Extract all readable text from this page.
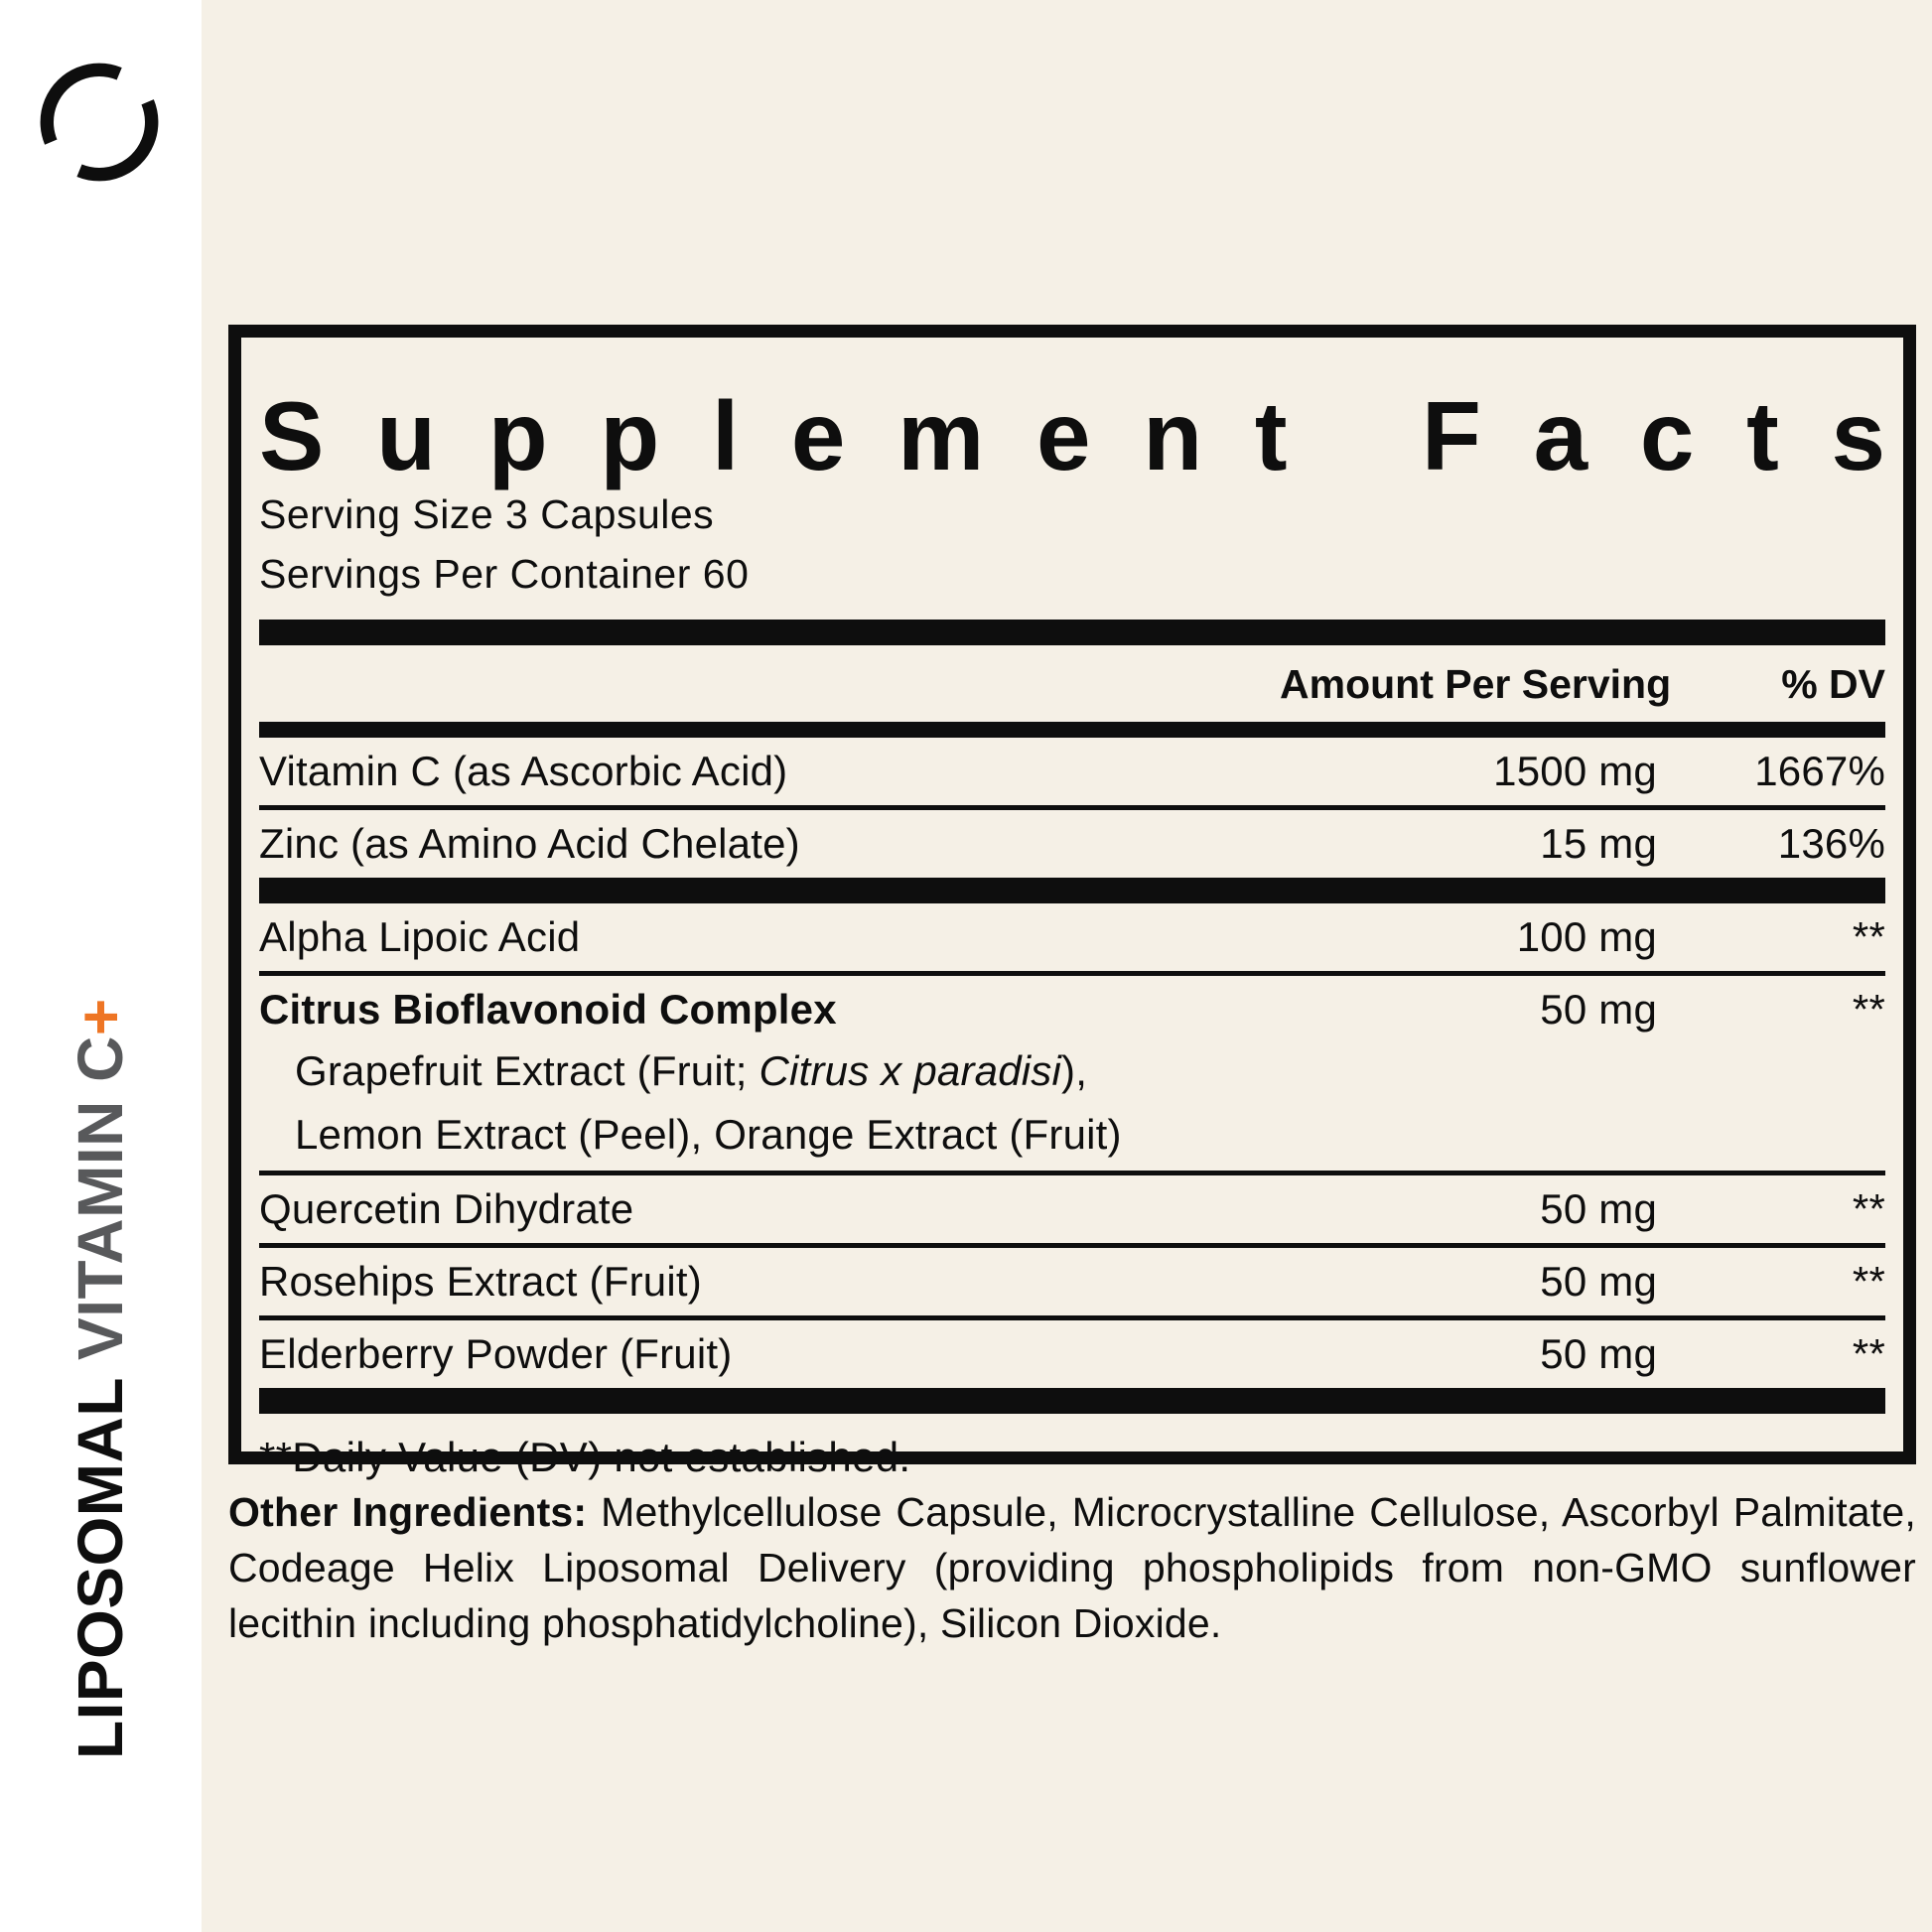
LIPOSOMAL VITAMIN C+
S u p p l e m e n t
F a c t s
Serving Size 3 Capsules
Servings Per Container 60
Amount Per Serving	% DV
Vitamin C (as Ascorbic Acid)	1500 mg	1667%
Zinc (as Amino Acid Chelate)	15 mg	136%
Alpha Lipoic Acid	100 mg	**
Citrus Bioflavonoid Complex	50 mg	**
Grapefruit Extract (Fruit; Citrus x paradisi),
Lemon Extract (Peel), Orange Extract (Fruit)
Quercetin Dihydrate	50 mg	**
Rosehips Extract (Fruit)	50 mg	**
Elderberry Powder (Fruit)	50 mg	**
**Daily Value (DV) not established.
Other Ingredients: Methylcellulose Capsule, Microcrystalline Cellulose, Ascorbyl Palmitate, Codeage Helix Liposomal Delivery (providing phospholipids from non-GMO sunflower lecithin including phosphatidylcholine), Silicon Dioxide.
